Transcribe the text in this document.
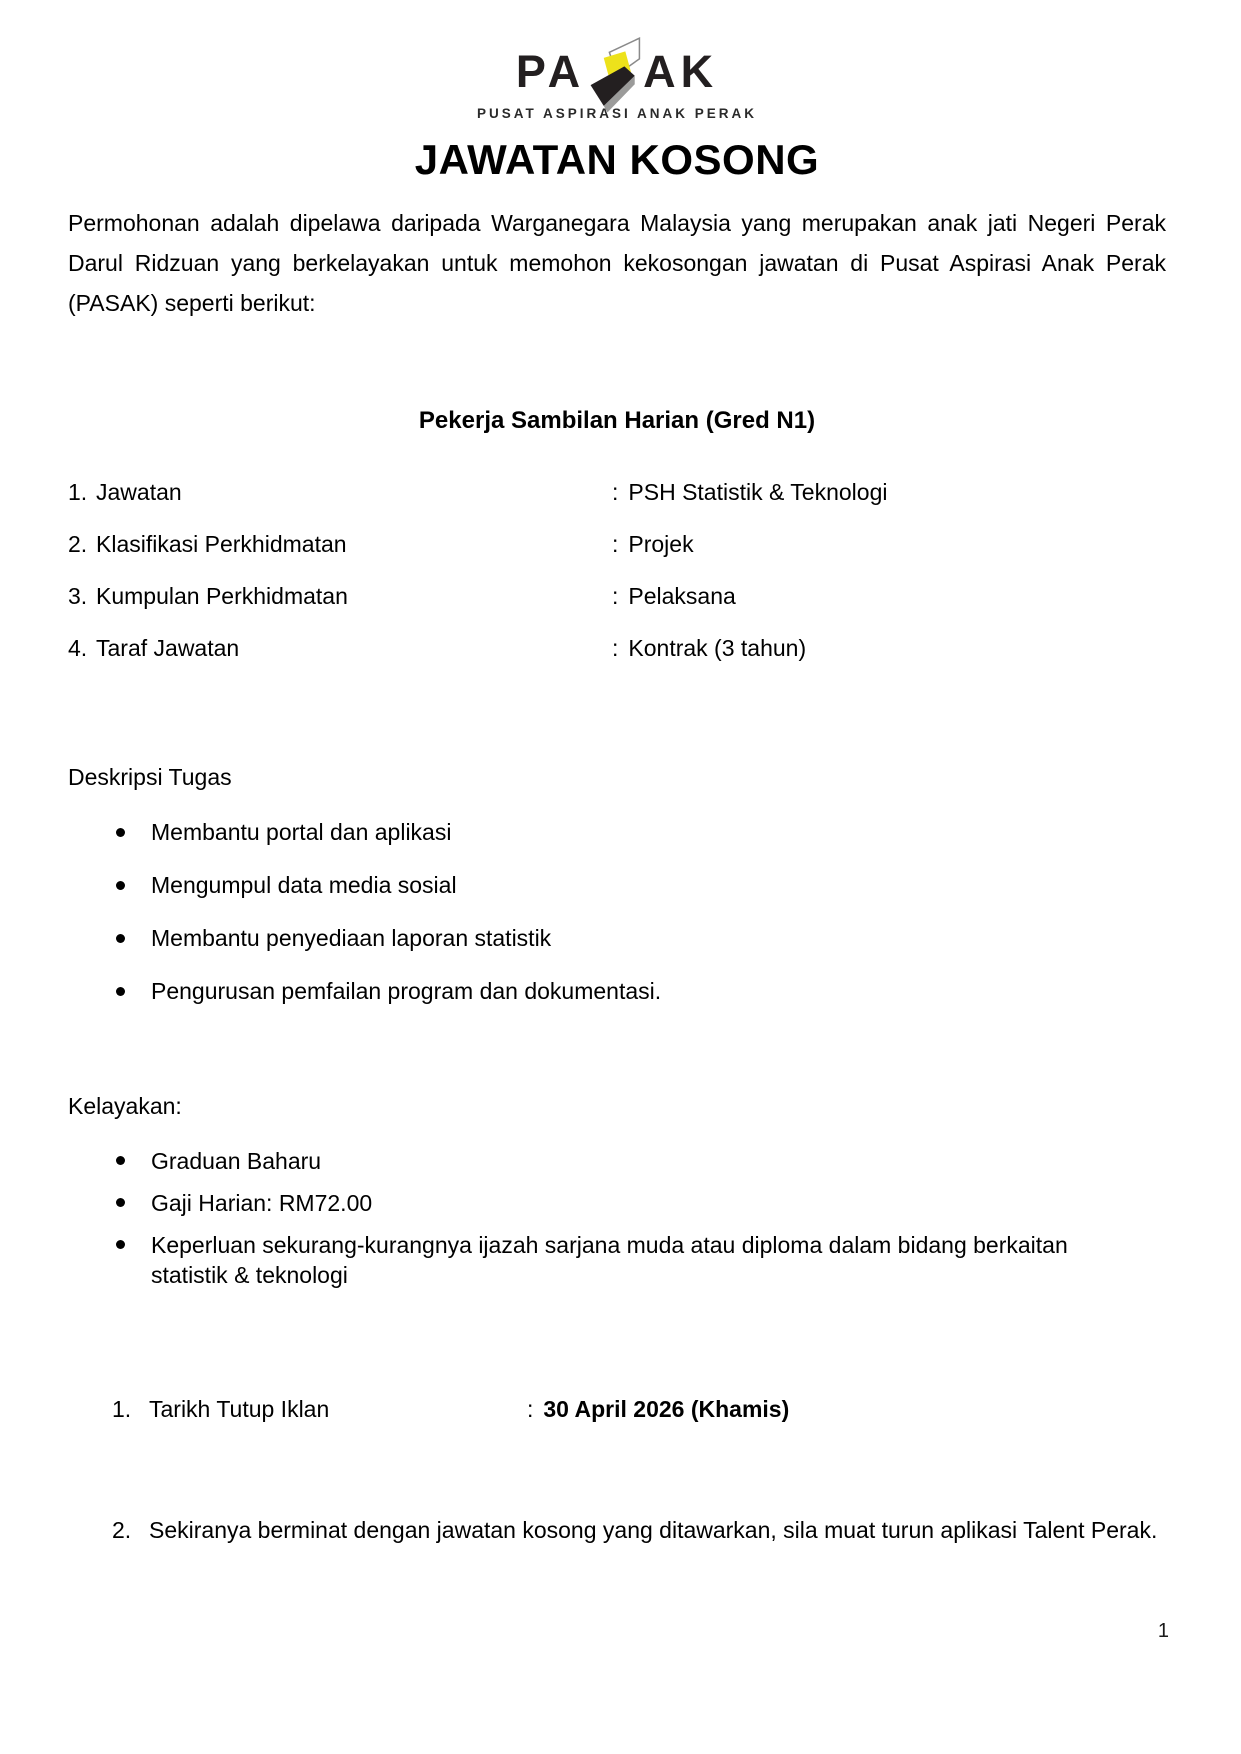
PA AK
PUSAT ASPIRASI ANAK PERAK
JAWATAN KOSONG

Permohonan adalah dipelawa daripada Warganegara Malaysia yang merupakan anak jati Negeri Perak Darul Ridzuan yang berkelayakan untuk memohon kekosongan jawatan di Pusat Aspirasi Anak Perak (PASAK) seperti berikut:

Pekerja Sambilan Harian (Gred N1)
1. Jawatan	: PSH Statistik & Teknologi
2. Klasifikasi Perkhidmatan	: Projek
3. Kumpulan Perkhidmatan	: Pelaksana
4. Taraf Jawatan	: Kontrak (3 tahun)
Deskripsi Tugas
Membantu portal dan aplikasi
Mengumpul data media sosial
Membantu penyediaan laporan statistik
Pengurusan pemfailan program dan dokumentasi.
Kelayakan:
Graduan Baharu
Gaji Harian: RM72.00
Keperluan sekurang-kurangnya ijazah sarjana muda atau diploma dalam bidang berkaitan statistik & teknologi
1. Tarikh Tutup Iklan	: 30 April 2026 (Khamis)
2. Sekiranya berminat dengan jawatan kosong yang ditawarkan, sila muat turun aplikasi Talent Perak.
1
